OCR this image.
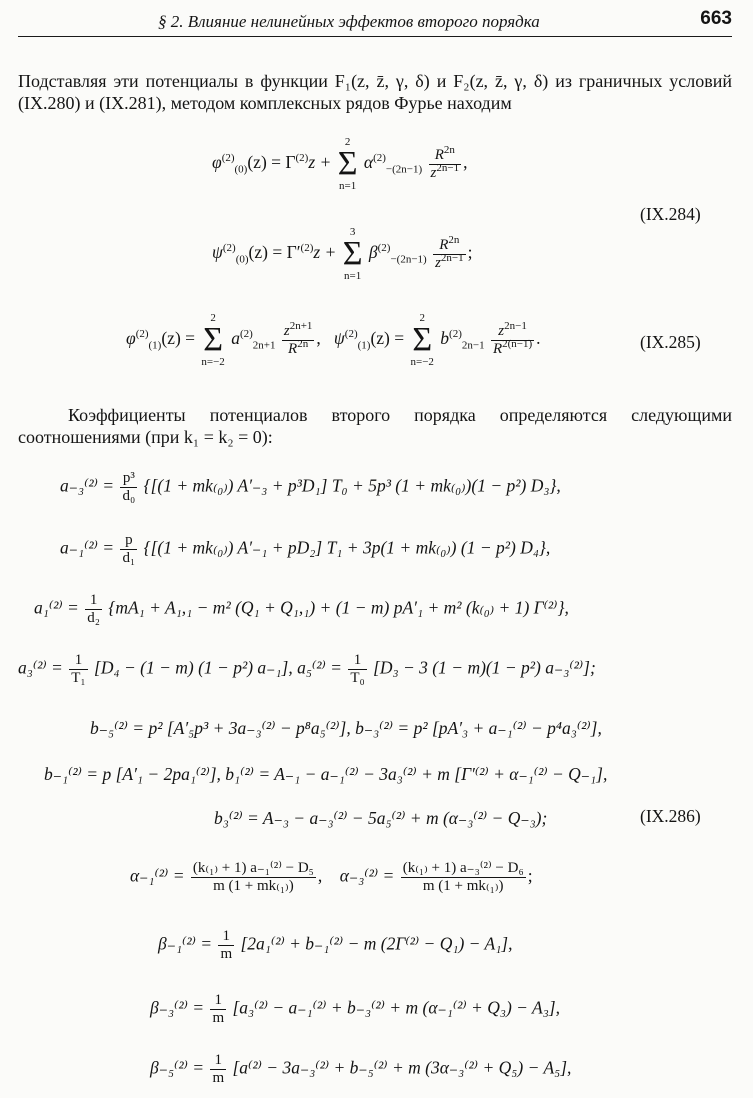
§ 2. Влияние нелинейных эффектов второго порядка	663
Подставляя эти потенциалы в функции F₁(z, z̄, γ, δ) и F₂(z, z̄, γ, δ) из граничных условий (IX.280) и (IX.281), методом комплексных рядов Фурье находим
$\varphi^{(2)}_{(0)}(z) = \Gamma^{(2)}z$ +
2
Σ
n=1
$\alpha^{(2)}_{-(2n-1)} \frac{R^{2n}}{z^{2n-1}}$ ,
(IX.284)
$\psi^{(2)}_{(0)}(z) = \Gamma'^{(2)}z$ +
3
Σ
n=1
$\beta^{(2)}_{-(2n-1)} \frac{R^{2n}}{z^{2n-1}}$ ;
$\varphi^{(2)}_{(1)}(z)$ =
2
Σ
n=−2
$a^{(2)}_{2n+1} \frac{z^{2n+1}}{R^{2n}}$ , $\psi^{(2)}_{(1)}(z)$ =
2
Σ
n=−2
$b^{(2)}_{2n-1} \frac{z^{2n-1}}{R^{2(n-1)}}$ .	(IX.285)
Коэффициенты потенциалов второго порядка определяются следующими соотношениями (при k₁ = k₂ = 0):
$a_{-3}^{(2)} = \frac{\text{p³}}{\text{d₀}} \{[(1 + mk_{(0)}) A'_{-3} + p^3D_1] T_0 + 5p^3$ (1 + mk₍₀₎)(1 − p²) D₃},
$a_{-1}^{(2)} = \frac{p}{\text{d₁}} \{[(1 + mk_{(0)}) A'_{-1} + pD_2] T_1 + 3p(1 + mk_{(0)}) (1 - p^2)$ D₄},
$a_1^{(2)} = \frac{1}{\text{d₂}} \{mA_1 + A_1,_1 - m^2$ (Q₁ + Q₁,₁) + (1 − m) pA′₁ + m² (k₍₀₎ + 1) Γ⁽²⁾},
$a_3^{(2)} = \frac{1}{\text{T₁}} [D_4 - (1 - m) (1 - p^2)$ a₋₁], $a_5^{(2)} = \frac{1}{\text{T₀}} [D_3 - 3$ (1 − m)(1 − p²) a₋₃⁽²⁾];
b₋₅⁽²⁾ = p² [A′₅p³ + 3a₋₃⁽²⁾ − p⁸a₅⁽²⁾], b₋₃⁽²⁾ = p² [pA′₃ + a₋₁⁽²⁾ − p⁴a₃⁽²⁾],
b₋₁⁽²⁾ = p [A′₁ − 2pa₁⁽²⁾], b₁⁽²⁾ = A₋₁ − a₋₁⁽²⁾ − 3a₃⁽²⁾ + m [Γ′⁽²⁾ + α₋₁⁽²⁾ − Q₋₁],
b₃⁽²⁾ = A₋₃ − a₋₃⁽²⁾ − 5a₅⁽²⁾ + m (α₋₃⁽²⁾ − Q₋₃);	(IX.286)
$\alpha_{-1}^{(2)} = \frac{\text{(k₍₁₎ + 1) a₋₁⁽²⁾ − D₅}}{\text{m (1 + mk₍₁₎)}}$ , $\alpha_{-3}^{(2)} = \frac{\text{(k₍₁₎ + 1) a₋₃⁽²⁾ − D₆}}{\text{m (1 + mk₍₁₎)}}$ ;
$\beta_{-1}^{(2)} = \frac{1}{m} [2a_1^{(2)} + b_{-1}^{(2)} - m$ (2Γ⁽²⁾ − Q₁) − A₁],
$\beta_{-3}^{(2)} = \frac{1}{m} [a_3^{(2)} - a_{-1}^{(2)} + b_{-3}^{(2)} + m$ (α₋₁⁽²⁾ + Q₃) − A₃],
$\beta_{-5}^{(2)} = \frac{1}{m} [a^{(2)} - 3a_{-3}^{(2)} + b_{-5}^{(2)} + m$ (3α₋₃⁽²⁾ + Q₅) − A₅],
